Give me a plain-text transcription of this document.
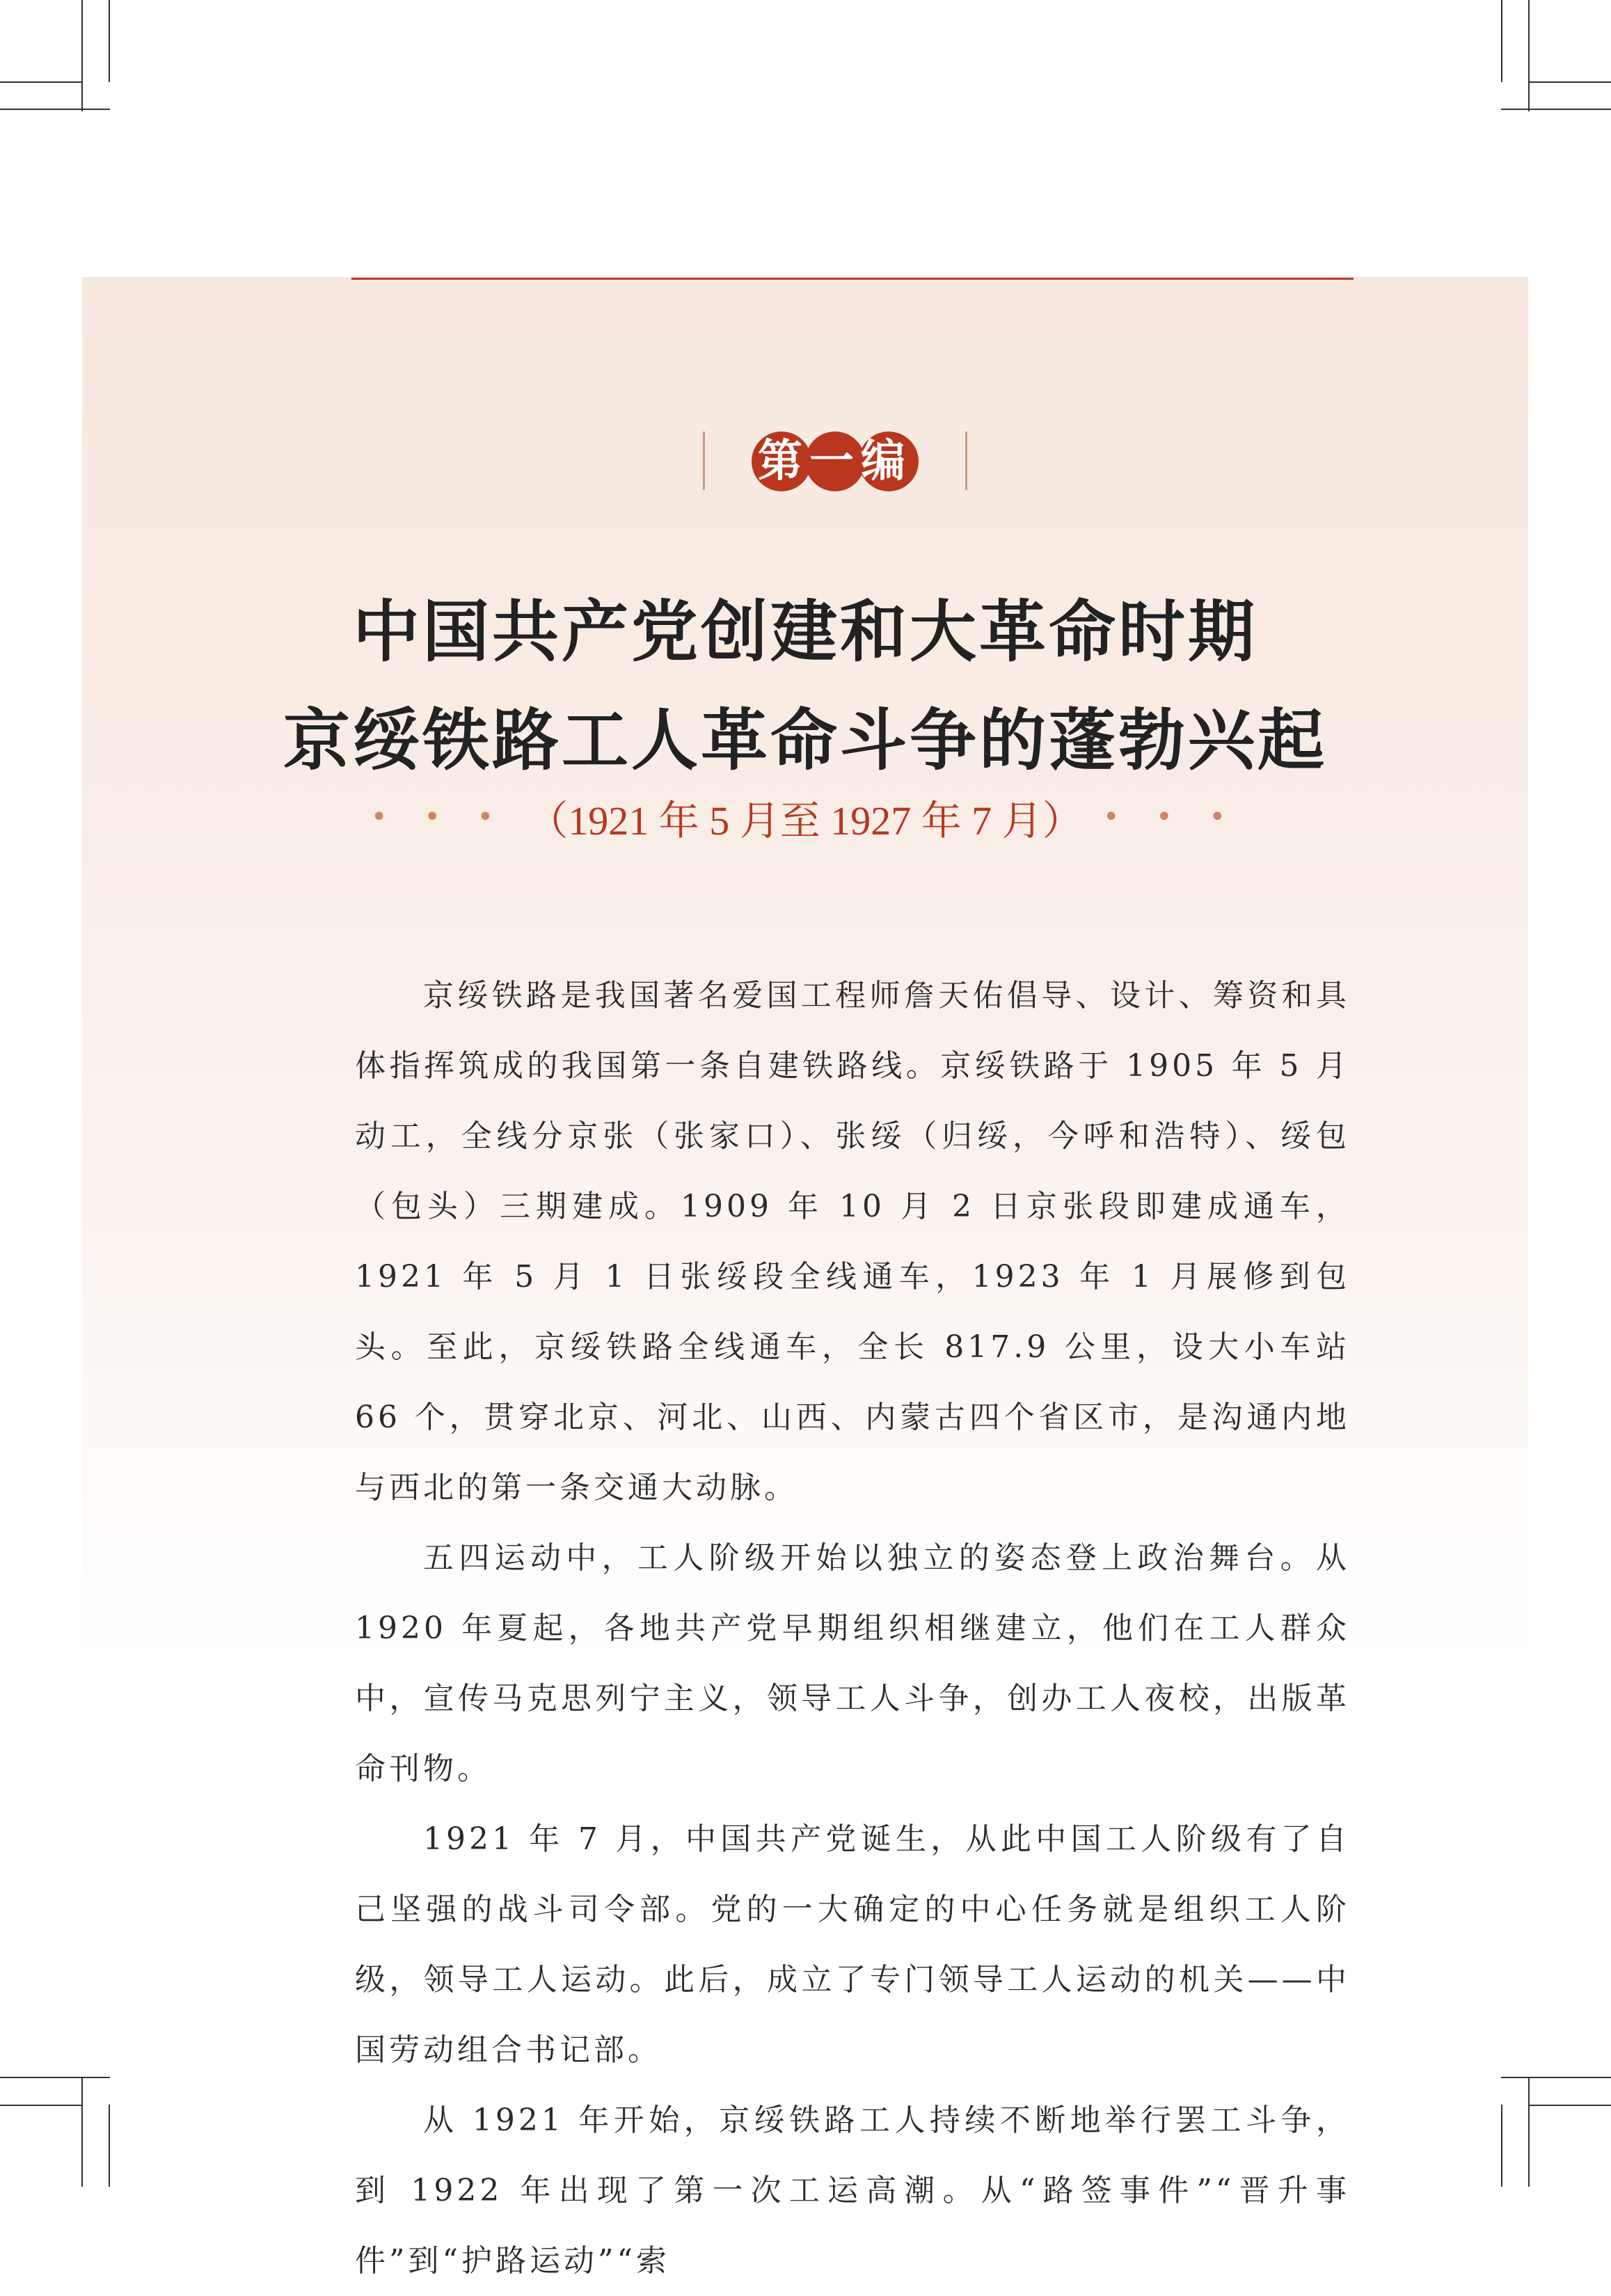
第一编
中国共产党创建和大革命时期
京绥铁路工人革命斗争的蓬勃兴起
• • • （1921 年 5 月至 1927 年 7 月） • • •

京绥铁路是我国著名爱国工程师詹天佑倡导、设计、筹资和具体指挥筑成的我国第一条自建铁路线。京绥铁路于 1905 年 5 月动工，全线分京张（张家口）、张绥（归绥，今呼和浩特）、绥包（包头）三期建成。1909 年 10 月 2 日京张段即建成通车，1921 年 5 月 1 日张绥段全线通车，1923 年 1 月展修到包头。至此，京绥铁路全线通车，全长 817.9 公里，设大小车站 66 个，贯穿北京、河北、山西、内蒙古四个省区市，是沟通内地与西北的第一条交通大动脉。

五四运动中，工人阶级开始以独立的姿态登上政治舞台。从 1920 年夏起，各地共产党早期组织相继建立，他们在工人群众中，宣传马克思列宁主义，领导工人斗争，创办工人夜校，出版革命刊物。

1921 年 7 月，中国共产党诞生，从此中国工人阶级有了自己坚强的战斗司令部。党的一大确定的中心任务就是组织工人阶级，领导工人运动。此后，成立了专门领导工人运动的机关——中国劳动组合书记部。

从 1921 年开始，京绥铁路工人持续不断地举行罢工斗争，到 1922 年出现了第一次工运高潮。从“路签事件”“晋升事件”到“护路运动”“索
